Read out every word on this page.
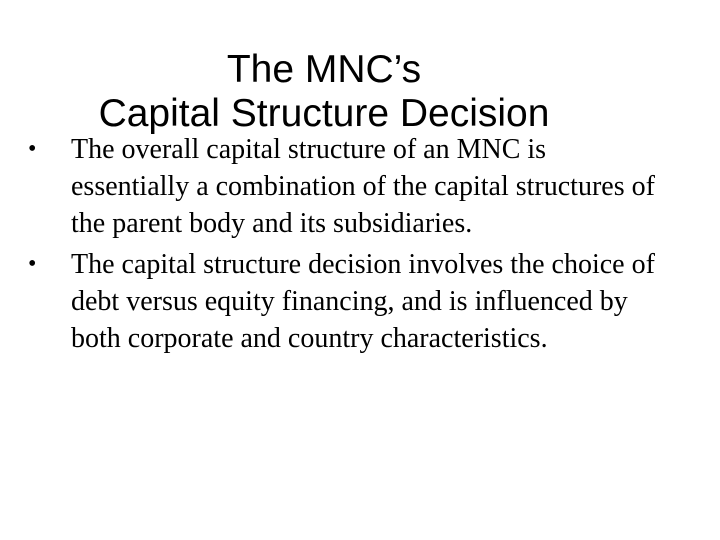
The MNC’s
Capital Structure Decision
• The overall capital structure of an MNC is essentially a combination of the capital structures of the parent body and its subsidiaries.
• The capital structure decision involves the choice of debt versus equity financing, and is influenced by both corporate and country characteristics.
